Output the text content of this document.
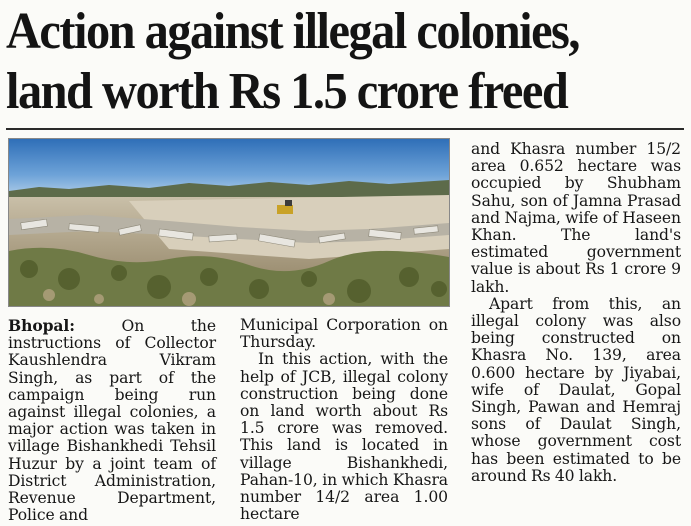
Action against illegal colonies,
land worth Rs 1.5 crore freed

Bhopal:	On the instructions of Collector Kaushlendra Vikram Singh, as part of the campaign being run against illegal colonies, a major action was taken in village Bishankhedi Tehsil Huzur by a joint team of District Administration, Revenue Department, Police and

Municipal Corporation on Thursday.

In this action, with the help of JCB, illegal colony construction being done on land worth about Rs 1.5 crore was removed. This land is located in village Bishankhedi, Pahan-10, in which Khasra number 14/2 area 1.00 hectare

and Khasra number 15/2 area 0.652 hectare was occupied by Shubham Sahu, son of Jamna Prasad and Najma, wife of Haseen Khan. The land's estimated government value is about Rs 1 crore 9 lakh.

Apart from this, an illegal colony was also being constructed on Khasra No. 139, area 0.600 hectare by Jiyabai, wife of Daulat, Gopal Singh, Pawan and Hemraj sons of Daulat Singh, whose government cost has been estimated to be around Rs 40 lakh.
